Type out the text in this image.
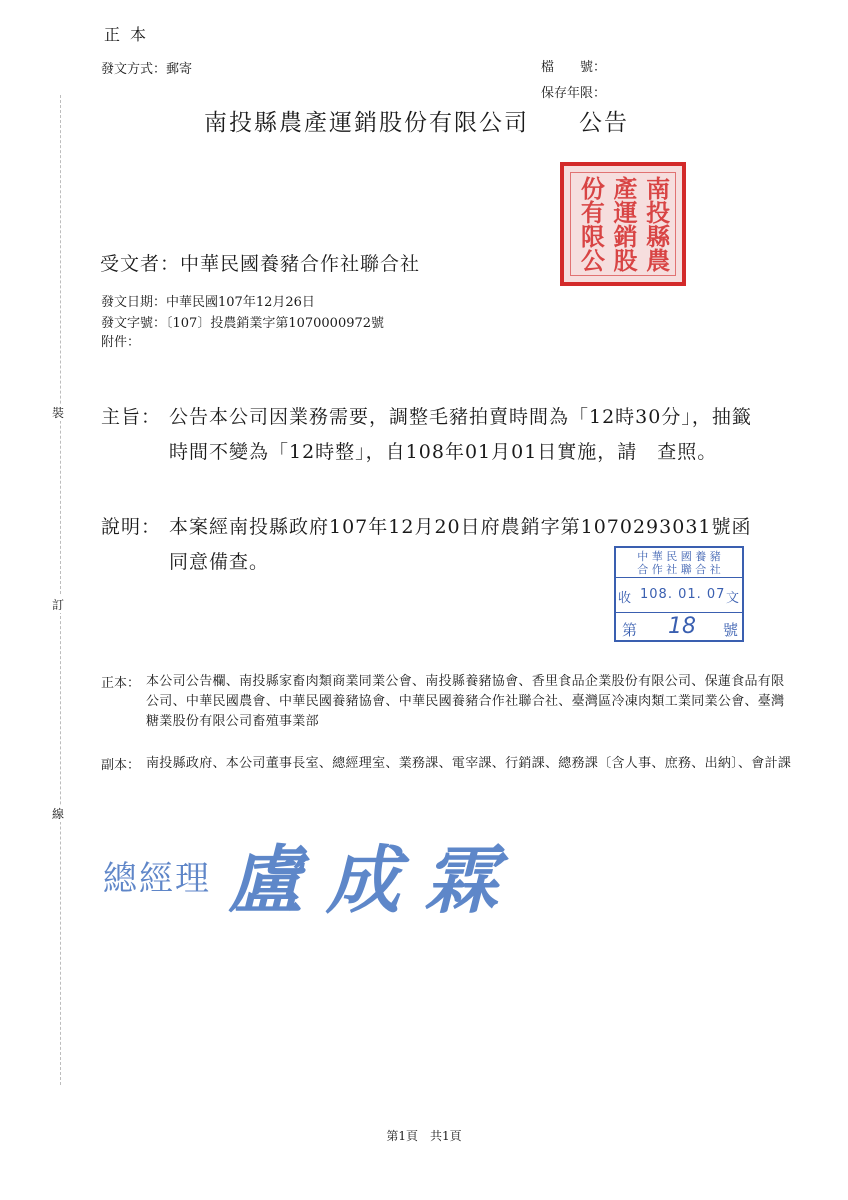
正本
發文方式：郵寄	檔　　號：
保存年限：
南投縣農產運銷股份有限公司　　公告
裝
訂
線
南
投
縣
農
產
運
銷
股
份
有
限
公
受文者：中華民國養豬合作社聯合社
發文日期：中華民國107年12月26日
發文字號：〔107〕投農銷業字第1070000972號
附件：
主旨： 公告本公司因業務需要，調整毛豬拍賣時間為「12時30分」，抽籤時間不變為「12時整」，自108年01月01日實施，請　查照。
說明： 本案經南投縣政府107年12月20日府農銷字第1070293031號函同意備查。	中 華 民 國 養 豬
合 作 社 聯 合 社
收 108. 01. 07 文
第 18 號
正本： 本公司公告欄、南投縣家畜肉類商業同業公會、南投縣養豬協會、香里食品企業股份有限公司、保蓮食品有限公司、中華民國農會、中華民國養豬協會、中華民國養豬合作社聯合社、臺灣區冷凍肉類工業同業公會、臺灣糖業股份有限公司畜殖事業部
副本： 南投縣政府、本公司董事長室、總經理室、業務課、電宰課、行銷課、總務課〔含人事、庶務、出納〕、會計課
總經理 盧成霖
第1頁　共1頁
